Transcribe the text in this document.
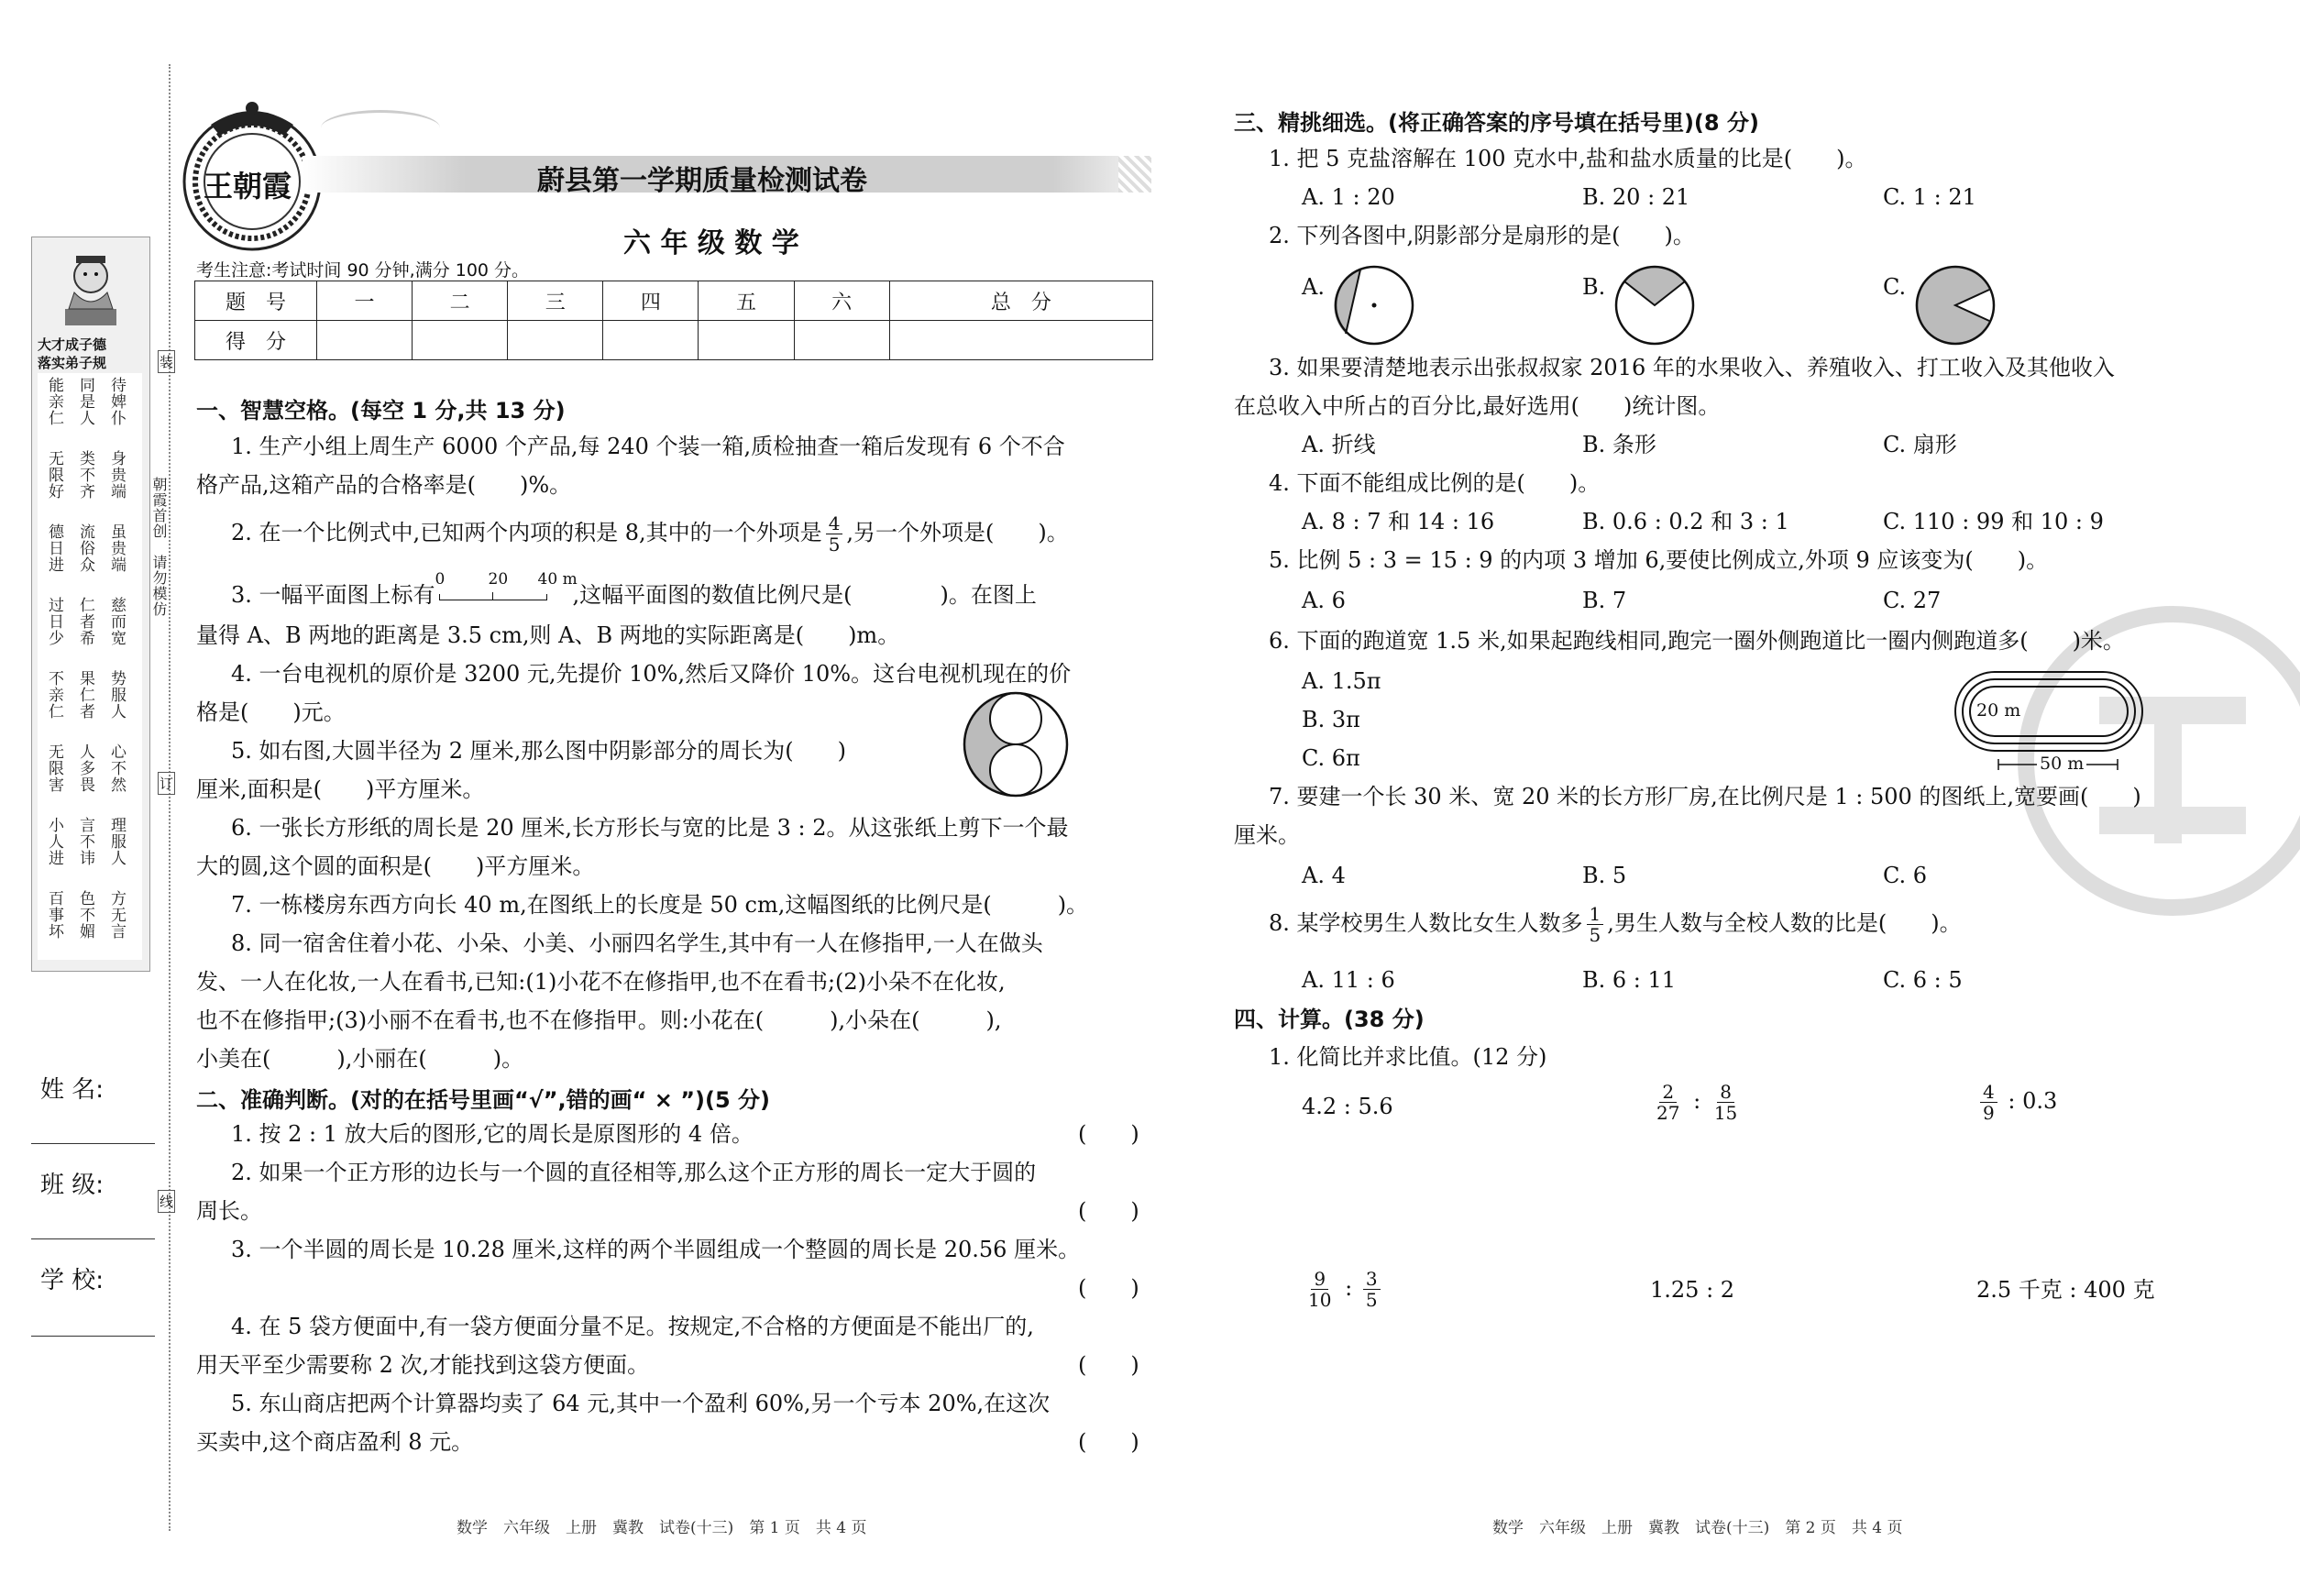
大才成子德
落实弟子规
待婢仆
身贵端
虽贵端
慈而宽
势服人
心不然
理服人
方无言
同是人
类不齐
流俗众
仁者希
果仁者
人多畏
言不讳
色不媚
能亲仁
无限好
德日进
过日少
不亲仁
无限害
小人进
百事坏
朝霞首创　请勿模仿
装
订
线
姓 名:
班 级:
学 校:
王朝霞	蔚县第一学期质量检测试卷
六 年 级 数 学
考生注意:考试时间 90 分钟,满分 100 分。
题　号	一	二	三	四	五	六	总　分
得　分							
一、智慧空格。(每空 1 分,共 13 分)
1. 生产小组上周生产 6000 个产品,每 240 个装一箱,质检抽查一箱后发现有 6 个不合
格产品,这箱产品的合格率是(　　)%。
2. 在一个比例式中,已知两个内项的积是 8,其中的一个外项是 $\frac{4}{5}$ ,另一个外项是(　　)。
3. 一幅平面图上标有
0	20 40 m
,这幅平面图的数值比例尺是(　　　　)。在图上
量得 A、B 两地的距离是 3.5 cm,则 A、B 两地的实际距离是(　　)m。
4. 一台电视机的原价是 3200 元,先提价 10%,然后又降价 10%。这台电视机现在的价
格是(　　)元。
5. 如右图,大圆半径为 2 厘米,那么图中阴影部分的周长为(　　)
厘米,面积是(　　)平方厘米。
6. 一张长方形纸的周长是 20 厘米,长方形长与宽的比是 3 : 2。从这张纸上剪下一个最
大的圆,这个圆的面积是(　　)平方厘米。
7. 一栋楼房东西方向长 40 m,在图纸上的长度是 50 cm,这幅图纸的比例尺是(　　　)。
8. 同一宿舍住着小花、小朵、小美、小丽四名学生,其中有一人在修指甲,一人在做头
发、一人在化妆,一人在看书,已知:(1)小花不在修指甲,也不在看书;(2)小朵不在化妆,
也不在修指甲;(3)小丽不在看书,也不在修指甲。则:小花在(　　　),小朵在(　　　),
小美在(　　　),小丽在(　　　)。
二、准确判断。(对的在括号里画“√”,错的画“ × ”)(5 分)
1. 按 2 : 1 放大后的图形,它的周长是原图形的 4 倍。	(　　)
2. 如果一个正方形的边长与一个圆的直径相等,那么这个正方形的周长一定大于圆的
周长。	(　　)
3. 一个半圆的周长是 10.28 厘米,这样的两个半圆组成一个整圆的周长是 20.56 厘米。
(　　)
4. 在 5 袋方便面中,有一袋方便面分量不足。按规定,不合格的方便面是不能出厂的,
用天平至少需要称 2 次,才能找到这袋方便面。	(　　)
5. 东山商店把两个计算器均卖了 64 元,其中一个盈利 60%,另一个亏本 20%,在这次
买卖中,这个商店盈利 8 元。	(　　)
数学　六年级　上册　冀教　试卷(十三)　第 1 页　共 4 页
三、精挑细选。(将正确答案的序号填在括号里)(8 分)
1. 把 5 克盐溶解在 100 克水中,盐和盐水质量的比是(　　)。
A. 1 : 20	B. 20 : 21	C. 1 : 21
2. 下列各图中,阴影部分是扇形的是(　　)。
A.	B.	C.
3. 如果要清楚地表示出张叔叔家 2016 年的水果收入、养殖收入、打工收入及其他收入
在总收入中所占的百分比,最好选用(　　)统计图。
A. 折线	B. 条形	C. 扇形
4. 下面不能组成比例的是(　　)。
A. 8 : 7 和 14 : 16	B. 0.6 : 0.2 和 3 : 1	C. 110 : 99 和 10 : 9
5. 比例 5 : 3 = 15 : 9 的内项 3 增加 6,要使比例成立,外项 9 应该变为(　　)。
A. 6	B. 7	C. 27
6. 下面的跑道宽 1.5 米,如果起跑线相同,跑完一圈外侧跑道比一圈内侧跑道多(　　)米。
A. 1.5π
B. 3π
C. 6π
20 m
50 m
7. 要建一个长 30 米、宽 20 米的长方形厂房,在比例尺是 1 : 500 的图纸上,宽要画(　　)
厘米。
A. 4	B. 5	C. 6
8. 某学校男生人数比女生人数多 $\frac{1}{5}$ ,男生人数与全校人数的比是(　　)。
A. 11 : 6	B. 6 : 11	C. 6 : 5
四、计算。(38 分)
1. 化简比并求比值。(12 分)
4.2 : 5.6	$\frac{2}{27}$ : $\frac{8}{15}$	$\frac{4}{9}$ : 0.3
$\frac{9}{10}$ : $\frac{3}{5}$	1.25 : 2	2.5 千克 : 400 克
数学　六年级　上册　冀教　试卷(十三)　第 2 页　共 4 页
